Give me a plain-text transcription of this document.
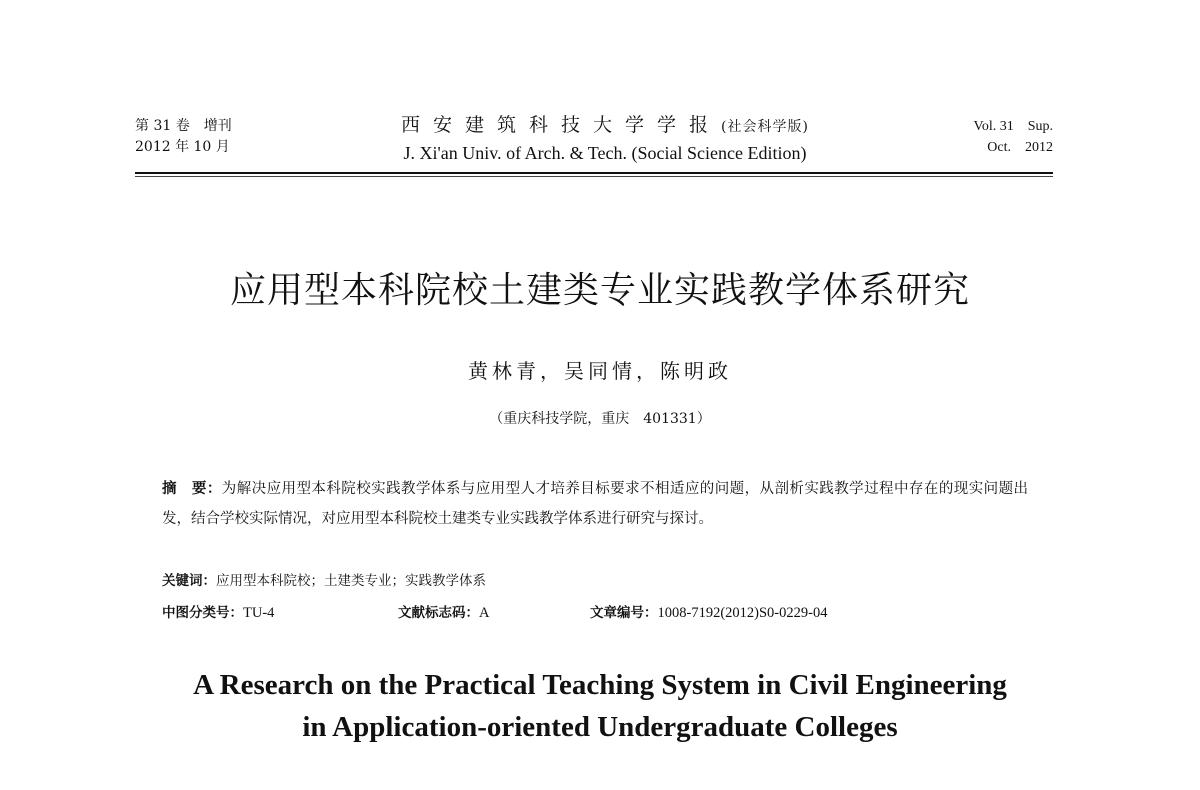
第 31 卷　增刊
2012 年 10 月
西安建筑科技大学学报(社会科学版)
J. Xi'an Univ. of Arch. & Tech. (Social Science Edition)
Vol. 31　Sup.
Oct.　2012
应用型本科院校土建类专业实践教学体系研究
黄林青，吴同情，陈明政
（重庆科技学院，重庆　401331）

摘　要：为解决应用型本科院校实践教学体系与应用型人才培养目标要求不相适应的问题，从剖析实践教学过程中存在的现实问题出发，结合学校实际情况，对应用型本科院校土建类专业实践教学体系进行研究与探讨。

关键词：应用型本科院校；土建类专业；实践教学体系
中图分类号：TU-4	文献标志码：A	文章编号：1008-7192(2012)S0-0229-04
A Research on the Practical Teaching System in Civil Engineering
in Application-oriented Undergraduate Colleges
